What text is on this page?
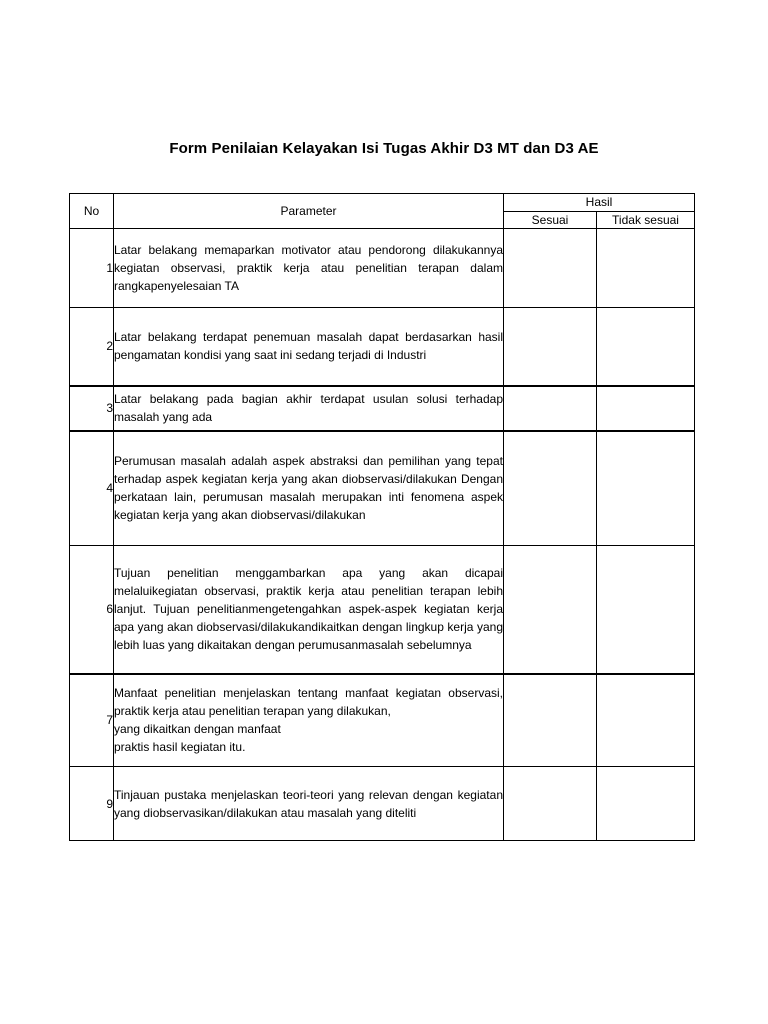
Form Penilaian Kelayakan Isi Tugas Akhir D3 MT dan D3 AE
No	Parameter	Hasil	
		Sesuai	Tidak sesuai
1	Latar belakang memaparkan motivator atau pendorong dilakukannya kegiatan observasi, praktik kerja atau penelitian terapan dalam rangkapenyelesaian TA		
2	Latar belakang terdapat penemuan masalah dapat berdasarkan hasil pengamatan kondisi yang saat ini sedang terjadi di Industri		
3	Latar belakang pada bagian akhir terdapat usulan solusi terhadap masalah yang ada		
4	Perumusan masalah adalah aspek abstraksi dan pemilihan yang tepat terhadap aspek kegiatan kerja yang akan diobservasi/dilakukan Dengan perkataan lain, perumusan masalah merupakan inti fenomena aspek kegiatan kerja yang akan diobservasi/dilakukan		
6	Tujuan penelitian menggambarkan apa yang akan dicapai melaluikegiatan observasi, praktik kerja atau penelitian terapan lebih lanjut. Tujuan penelitianmengetengahkan aspek-aspek kegiatan kerja apa yang akan diobservasi/dilakukandikaitkan dengan lingkup kerja yang lebih luas yang dikaitakan dengan perumusanmasalah sebelumnya		
7	Manfaat penelitian menjelaskan tentang manfaat kegiatan observasi, praktik kerja atau penelitian terapan yang dilakukan,
yang dikaitkan dengan manfaat
praktis hasil kegiatan itu.		

9	Tinjauan pustaka menjelaskan teori-teori yang relevan dengan kegiatan yang diobservasikan/dilakukan atau masalah yang diteliti		
